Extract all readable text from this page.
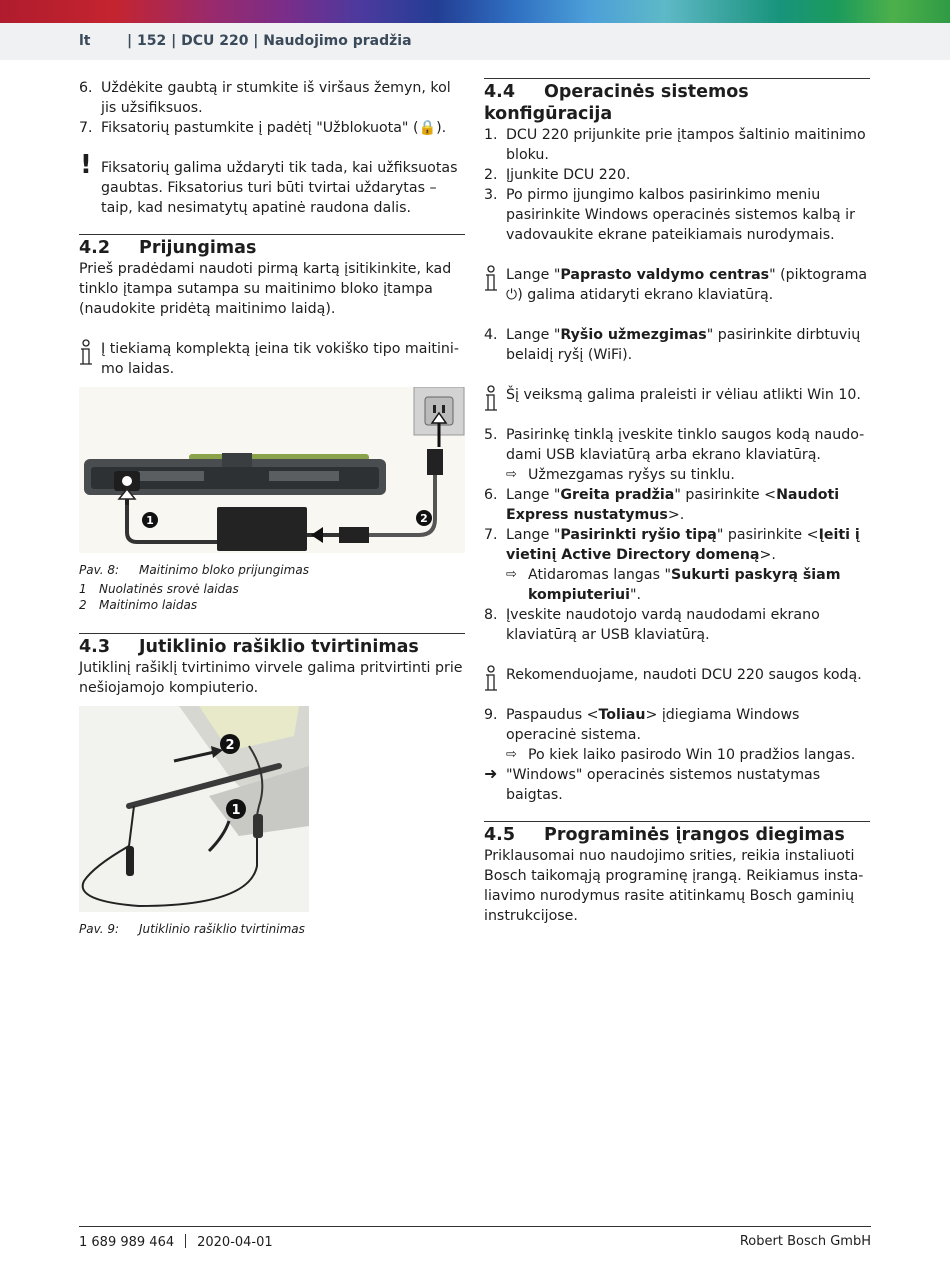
lt	| 152 | DCU 220 | Naudojimo pradžia
6. Uždėkite gaubtą ir stumkite iš viršaus žemyn, kol jis užsifiksuos.
7. Fiksatorių pastumkite į padėtį "Užblokuota" (🔒).
! Fiksatorių galima uždaryti tik tada, kai užfiksuotas gaubtas. Fiksatorius turi būti tvirtai uždarytas – taip, kad nesimatytų apatinė raudona dalis.
4.2 Prijungimas
Prieš pradėdami naudoti pirmą kartą įsitikinkite, kad tinklo įtampa sutampa su maitinimo bloko įtampa (naudokite pridėtą maitinimo laidą).
Į tiekiamą komplektą įeina tik vokiško tipo maitini-mo laidas.
1	2
Pav. 8: Maitinimo bloko prijungimas
1 Nuolatinės srovė laidas
2 Maitinimo laidas
4.3 Jutiklinio rašiklio tvirtinimas
Jutiklinį rašiklį tvirtinimo virvele galima pritvirtinti prie nešiojamojo kompiuterio.
2
1
Pav. 9: Jutiklinio rašiklio tvirtinimas
4.4 Operacinės sistemos konfigūracija
1. DCU 220 prijunkite prie įtampos šaltinio maitinimo bloku.
2. Įjunkite DCU 220.
3. Po pirmo įjungimo kalbos pasirinkimo meniu pasirinkite Windows operacinės sistemos kalbą ir vadovaukite ekrane pateikiamais nurodymais.
Lange "Paprasto valdymo centras" (piktograma ⏻) galima atidaryti ekrano klaviatūrą.
4. Lange "Ryšio užmezgimas" pasirinkite dirbtuvių belaidį ryšį (WiFi).
Šį veiksmą galima praleisti ir vėliau atlikti Win 10.
5. Pasirinkę tinklą įveskite tinklo saugos kodą naudo-dami USB klaviatūrą arba ekrano klaviatūrą.
⇨ Užmezgamas ryšys su tinklu.
6. Lange "Greita pradžia" pasirinkite <Naudoti Express nustatymus>.
7. Lange "Pasirinkti ryšio tipą" pasirinkite <Įeiti į vietinį Active Directory domeną>.
⇨ Atidaromas langas "Sukurti paskyrą šiam kompiuteriui".
8. Įveskite naudotojo vardą naudodami ekrano klaviatūrą ar USB klaviatūrą.
Rekomenduojame, naudoti DCU 220 saugos kodą.
9. Paspaudus <Toliau> įdiegiama Windows operacinė sistema.
⇨ Po kiek laiko pasirodo Win 10 pradžios langas.
➜ "Windows" operacinės sistemos nustatymas baigtas.
4.5 Programinės įrangos diegimas
Priklausomai nuo naudojimo srities, reikia instaliuoti Bosch taikomąją programinę įrangą. Reikiamus insta-liavimo nurodymus rasite atitinkamų Bosch gaminių instrukcijose.
1 689 989 464 2020-04-01	Robert Bosch GmbH
